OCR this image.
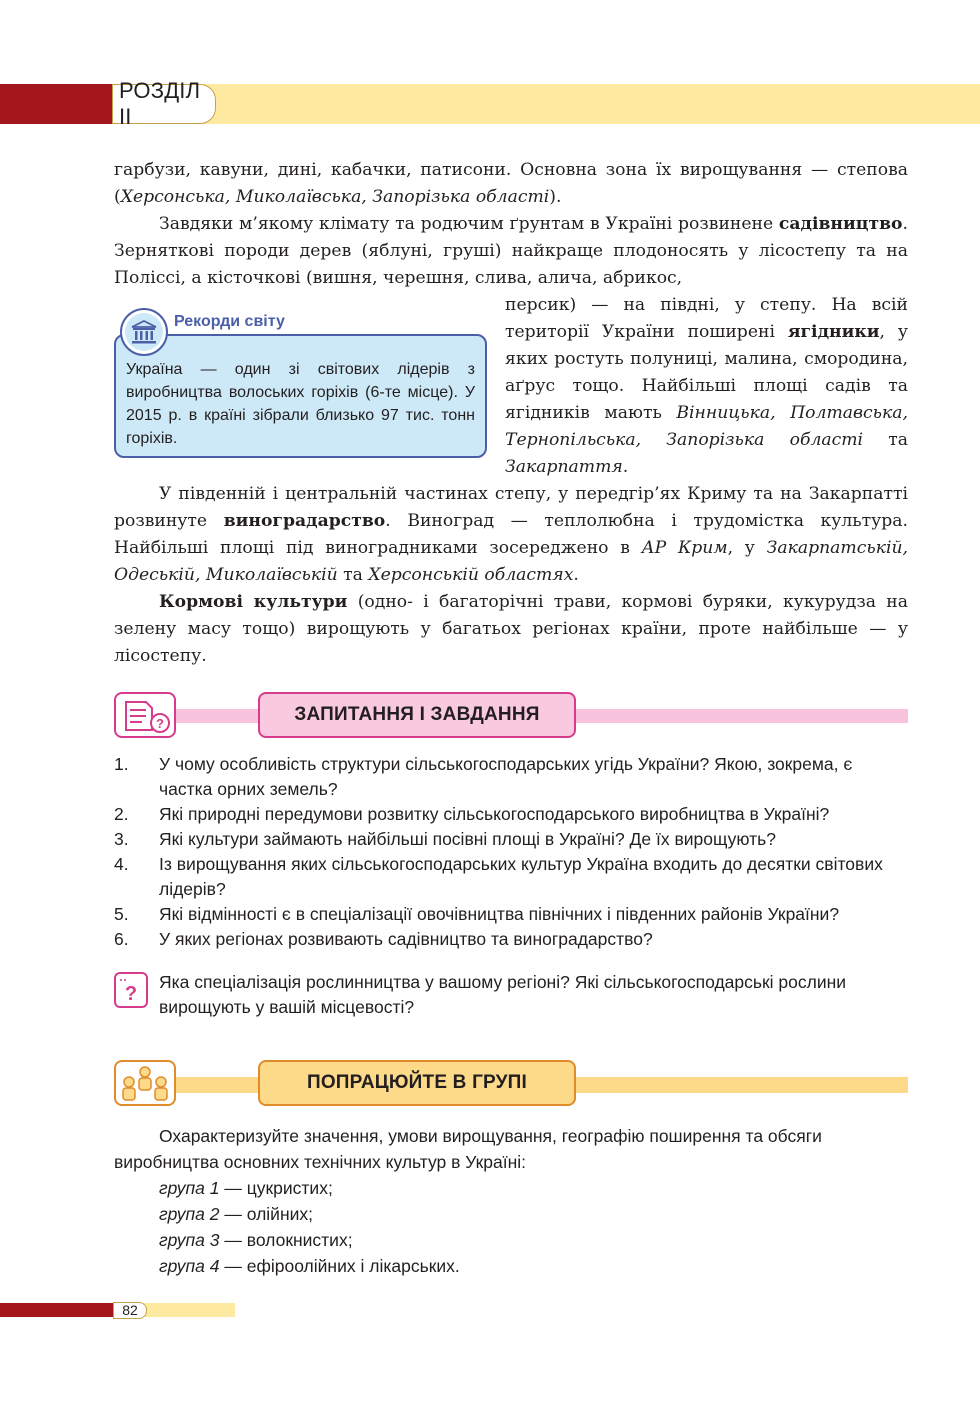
РОЗДІЛ ІІ

гарбузи, кавуни, дині, кабачки, патисони. Основна зона їх вирощування — степова (Херсонська, Миколаївська, Запорізька області).

Завдяки м’якому клімату та родючим ґрунтам в Україні розвинене садівництво. Зерняткові породи дерев (яблуні, груші) найкраще плодоносять у лісостепу та на Поліссі, а кісточкові (вишня, черешня, слива, алича, абрикос,

Україна — один зі світових лідерів з виробництва волоських горіхів (6-те місце). У 2015 р. в країні зібрали близько 97 тис. тонн горіхів.

Рекорди світу

персик) — на півдні, у степу. На всій території України поширені ягідники, у яких ростуть полуниці, малина, смородина, аґрус тощо. Найбільші площі садів та ягідників мають Вінницька, Полтавська, Тернопільська, Запорізька області та Закарпаття.

У південній і центральній частинах степу, у передгір’ях Криму та на Закарпатті розвинуте виноградарство. Виноград — теплолюбна і трудомістка культура. Найбільші площі під виноградниками зосереджено в АР Крим, у Закарпатській, Одеській, Миколаївській та Херсонській областях.

Кормові культури (одно- і багаторічні трави, кормові буряки, кукурудза на зелену масу тощо) вирощують у багатьох регіонах країни, проте найбільше — у лісостепу.

?	ЗАПИТАННЯ І ЗАВДАННЯ
1.	У чому особливість структури сільськогосподарських угідь України? Якою, зокрема, є частка орних земель?
2.	Які природні передумови розвитку сільськогосподарського виробництва в Україні?
3.	Які культури займають найбільші посівні площі в Україні? Де їх вирощують?
4.	Із вирощування яких сільськогосподарських культур Україна входить до десятки світових лідерів?
5.	Які відмінності є в спеціалізації овочівництва північних і південних районів України?
6.	У яких регіонах розвивають садівництво та виноградарство?
?
Яка спеціалізація рослинництва у вашому регіоні? Які сільськогосподарські рослини вирощують у вашій місцевості?
ПОПРАЦЮЙТЕ В ГРУПІ

Охарактеризуйте значення, умови вирощування, географію поширення та обсяги виробництва основних технічних культур в Україні:

група 1 — цукристих;

група 2 — олійних;

група 3 — волокнистих;

група 4 — ефіроолійних і лікарських.

82
